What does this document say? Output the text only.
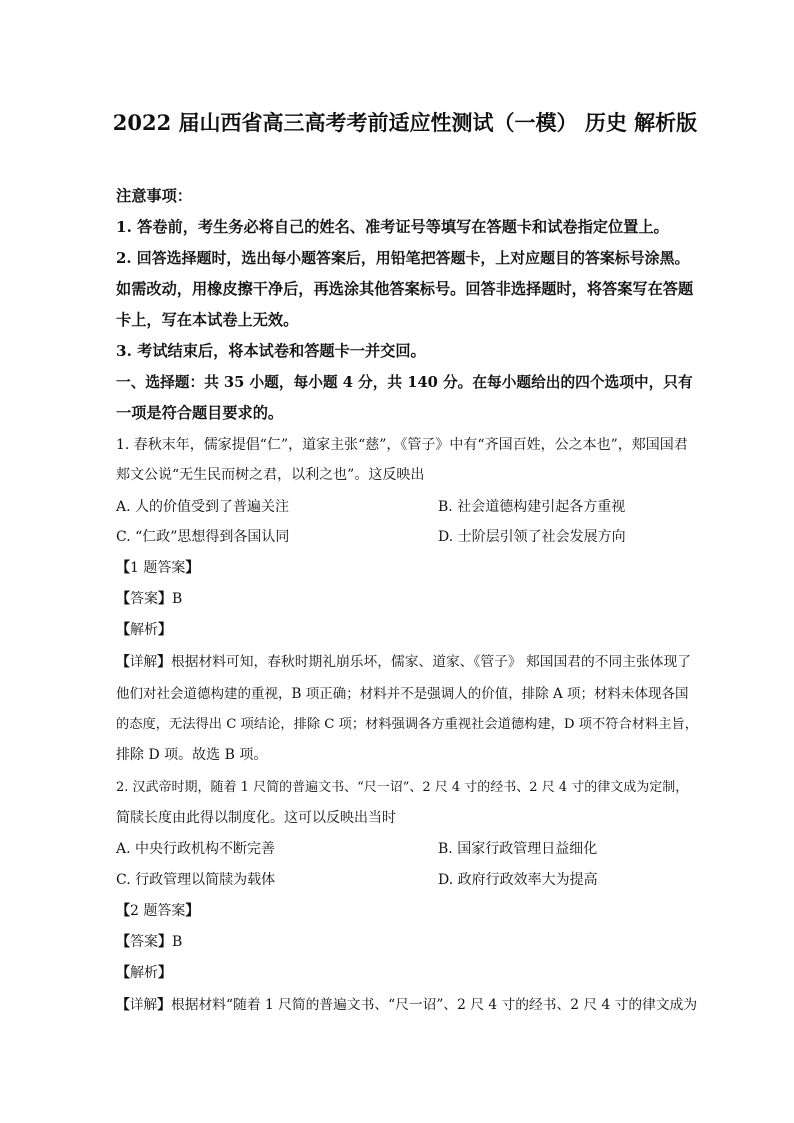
2022 届山西省高三高考考前适应性测试（一模） 历史 解析版
注意事项：
1. 答卷前，考生务必将自己的姓名、准考证号等填写在答题卡和试卷指定位置上。
2. 回答选择题时，选出每小题答案后，用铅笔把答题卡，上对应题目的答案标号涂黑。
如需改动，用橡皮擦干净后，再选涂其他答案标号。回答非选择题时，将答案写在答题
卡上，写在本试卷上无效。
3. 考试结束后，将本试卷和答题卡一并交回。
一、选择题：共 35 小题，每小题 4 分，共 140 分。在每小题给出的四个选项中，只有
一项是符合题目要求的。
1. 春秋末年，儒家提倡“仁”，道家主张“慈”，《管子》中有“齐国百姓，公之本也”，郏国国君
郏文公说“无生民而树之君，以利之也”。这反映出
A. 人的价值受到了普遍关注	B. 社会道德构建引起各方重视
C. “仁政”思想得到各国认同	D. 士阶层引领了社会发展方向
【1 题答案】
【答案】B
【解析】
【详解】根据材料可知，春秋时期礼崩乐坏，儒家、道家、《管子》 郏国国君的不同主张体现了
他们对社会道德构建的重视，B 项正确；材料并不是强调人的价值，排除 A 项；材料未体现各国
的态度，无法得出 C 项结论，排除 C 项；材料强调各方重视社会道德构建，D 项不符合材料主旨，
排除 D 项。故选 B 项。
2. 汉武帝时期，随着 1 尺简的普遍文书、“尺一诏”、2 尺 4 寸的经书、2 尺 4 寸的律文成为定制，
简牍长度由此得以制度化。这可以反映出当时
A. 中央行政机构不断完善	B. 国家行政管理日益细化
C. 行政管理以简牍为载体	D. 政府行政效率大为提高
【2 题答案】
【答案】B
【解析】
【详解】根据材料“随着 1 尺简的普遍文书、“尺一诏”、2 尺 4 寸的经书、2 尺 4 寸的律文成为
